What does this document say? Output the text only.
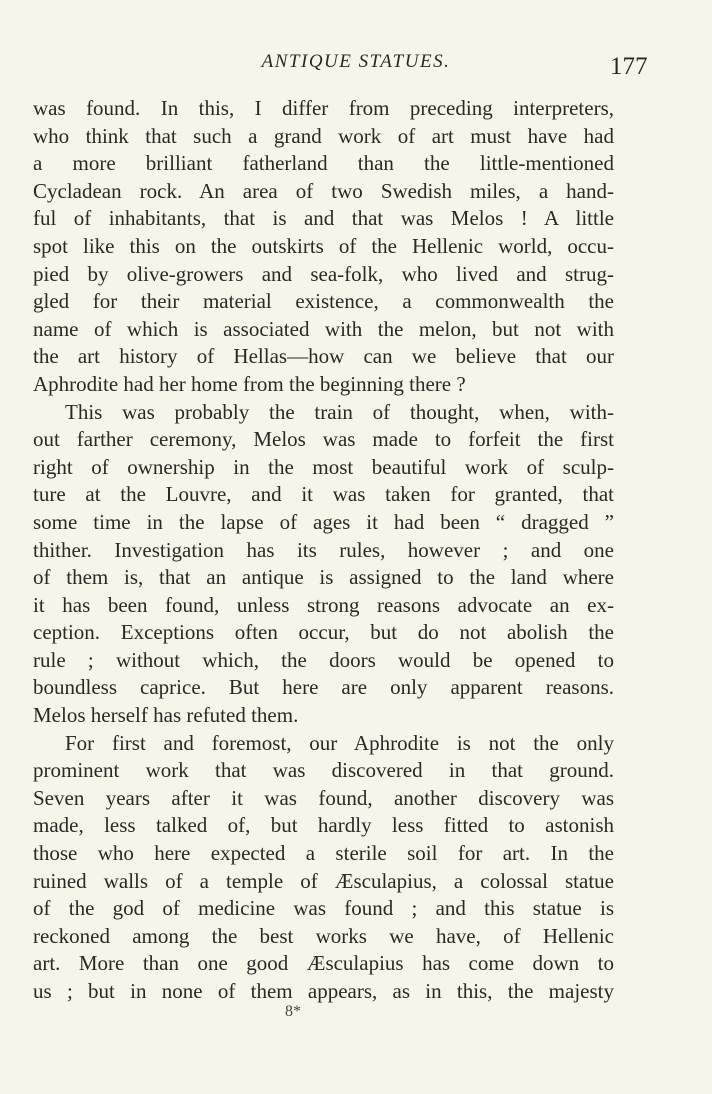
ANTIQUE STATUES.	177
was found. In this, I differ from preceding interpreters,
who think that such a grand work of art must have had
a more brilliant fatherland than the little-mentioned
Cycladean rock. An area of two Swedish miles, a hand-
ful of inhabitants, that is and that was Melos ! A little
spot like this on the outskirts of the Hellenic world, occu-
pied by olive-growers and sea-folk, who lived and strug-
gled for their material existence, a commonwealth the
name of which is associated with the melon, but not with
the art history of Hellas—how can we believe that our
Aphrodite had her home from the beginning there ?
This was probably the train of thought, when, with-
out farther ceremony, Melos was made to forfeit the first
right of ownership in the most beautiful work of sculp-
ture at the Louvre, and it was taken for granted, that
some time in the lapse of ages it had been “ dragged ”
thither. Investigation has its rules, however ; and one
of them is, that an antique is assigned to the land where
it has been found, unless strong reasons advocate an ex-
ception. Exceptions often occur, but do not abolish the
rule ; without which, the doors would be opened to
boundless caprice. But here are only apparent reasons.
Melos herself has refuted them.
For first and foremost, our Aphrodite is not the only
prominent work that was discovered in that ground.
Seven years after it was found, another discovery was
made, less talked of, but hardly less fitted to astonish
those who here expected a sterile soil for art. In the
ruined walls of a temple of Æsculapius, a colossal statue
of the god of medicine was found ; and this statue is
reckoned among the best works we have, of Hellenic
art. More than one good Æsculapius has come down to
us ; but in none of them appears, as in this, the majesty
8*
